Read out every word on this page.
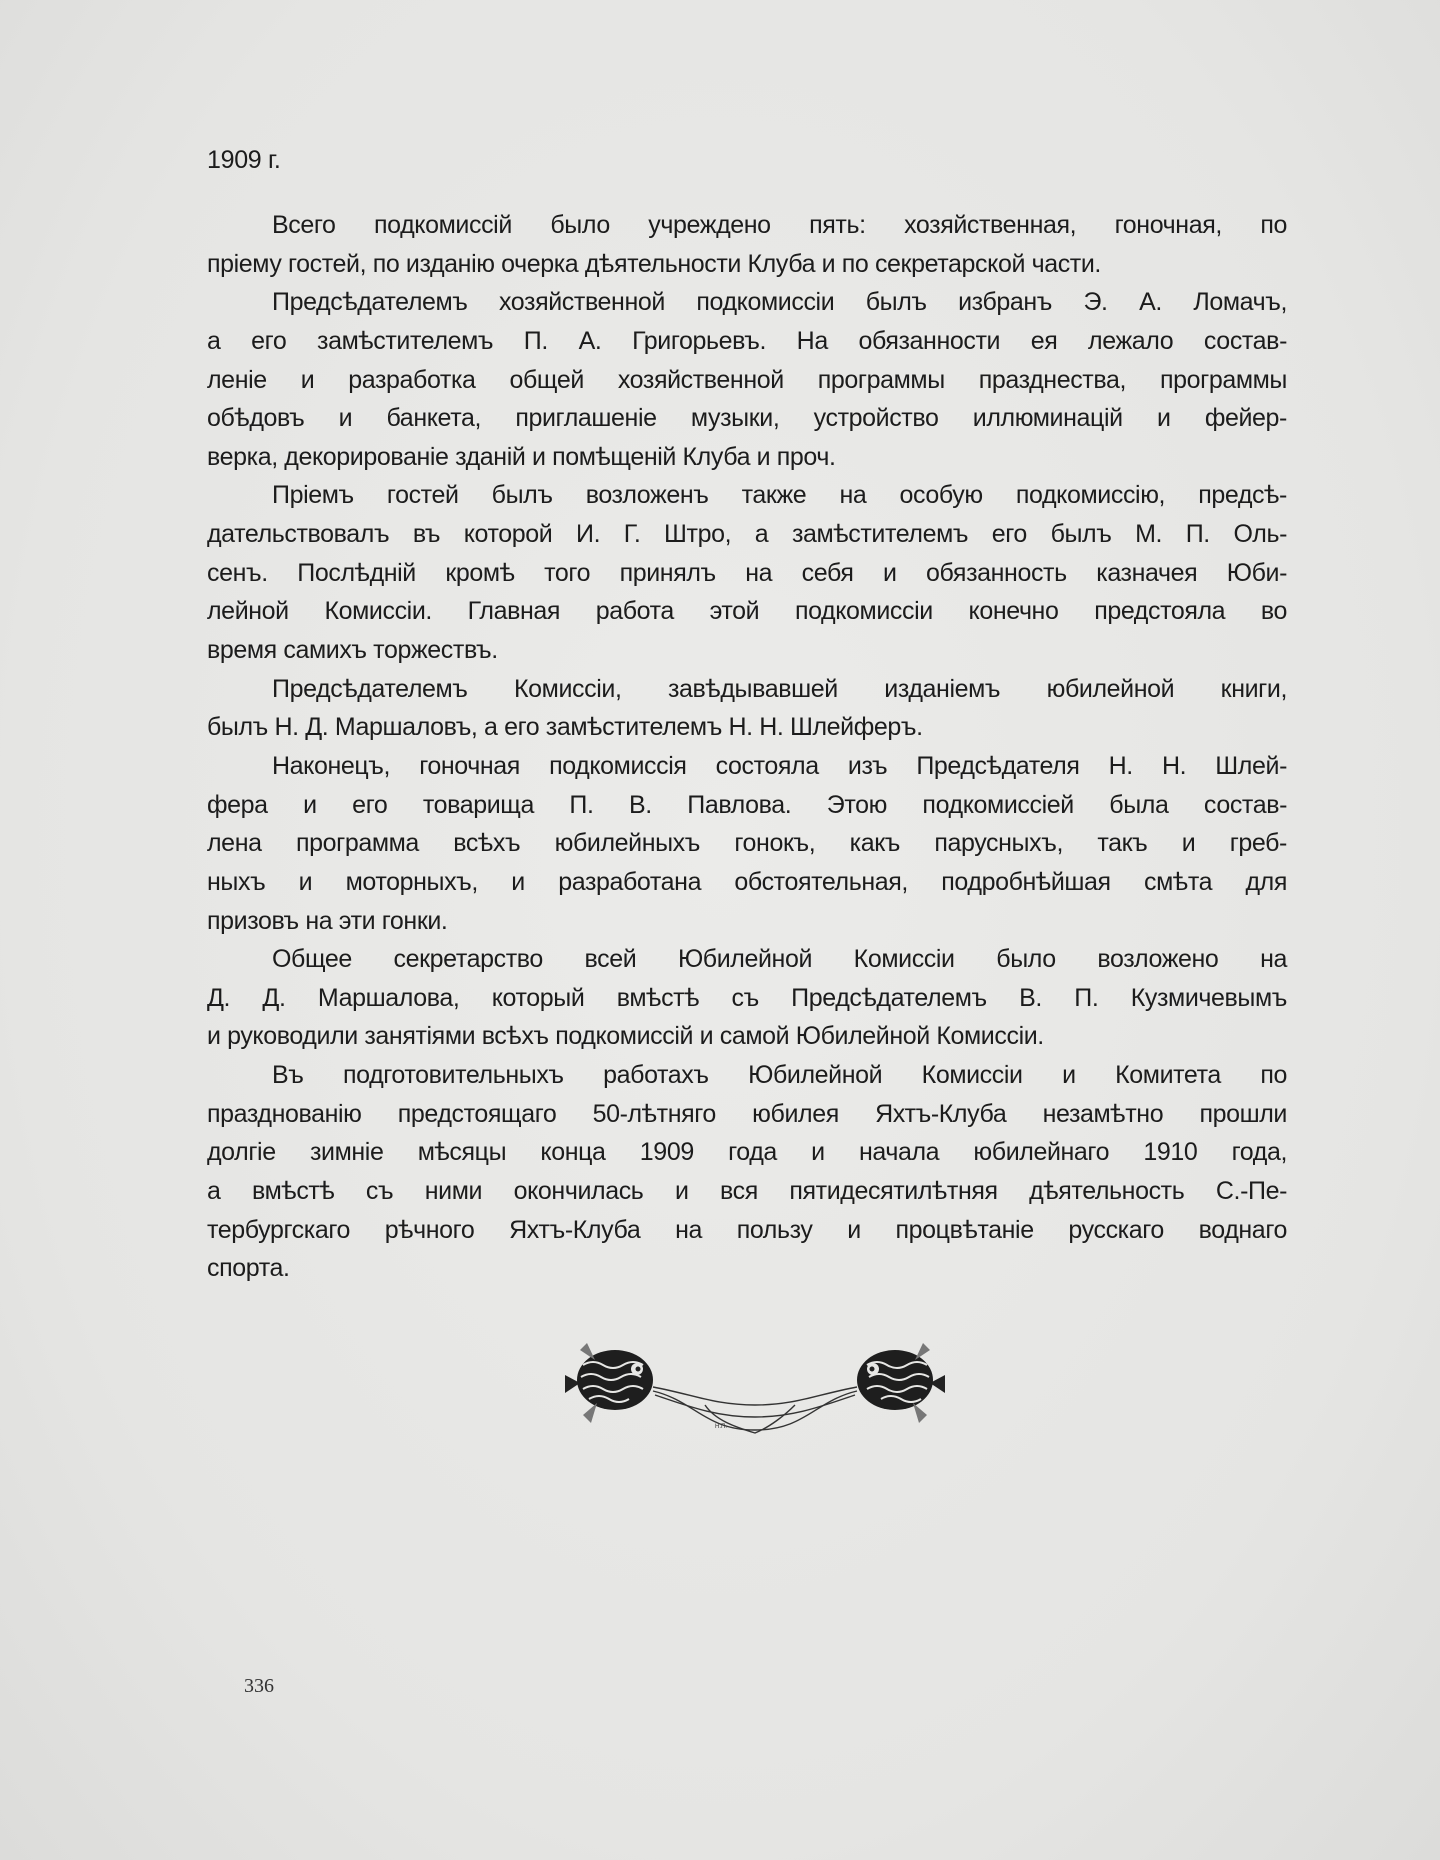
1909 г.
Всего подкомиссій было учреждено пять: хозяйственная, гоночная, по
пріему гостей, по изданію очерка дѣятельности Клуба и по секретарской части.
Предсѣдателемъ хозяйственной подкомиссіи былъ избранъ Э. А. Ломачъ,
а его замѣстителемъ П. А. Григорьевъ. На обязанности ея лежало состав-
леніе и разработка общей хозяйственной программы празднества, программы
обѣдовъ и банкета, приглашеніе музыки, устройство иллюминацій и фейер-
верка, декорированіе зданій и помѣщеній Клуба и проч.
Пріемъ гостей былъ возложенъ также на особую подкомиссію, предсѣ-
дательствовалъ въ которой И. Г. Штро, а замѣстителемъ его былъ М. П. Оль-
сенъ. Послѣдній кромѣ того принялъ на себя и обязанность казначея Юби-
лейной Комиссіи. Главная работа этой подкомиссіи конечно предстояла во
время самихъ торжествъ.
Предсѣдателемъ Комиссіи, завѣдывавшей изданіемъ юбилейной книги,
былъ Н. Д. Маршаловъ, а его замѣстителемъ Н. Н. Шлейферъ.
Наконецъ, гоночная подкомиссія состояла изъ Предсѣдателя Н. Н. Шлей-
фера и его товарища П. В. Павлова. Этою подкомиссіей была состав-
лена программа всѣхъ юбилейныхъ гонокъ, какъ парусныхъ, такъ и греб-
ныхъ и моторныхъ, и разработана обстоятельная, подробнѣйшая смѣта для
призовъ на эти гонки.
Общее секретарство всей Юбилейной Комиссіи было возложено на
Д. Д. Маршалова, который вмѣстѣ съ Предсѣдателемъ В. П. Кузмичевымъ
и руководили занятіями всѣхъ подкомиссій и самой Юбилейной Комиссіи.
Въ подготовительныхъ работахъ Юбилейной Комиссіи и Комитета по
празднованію предстоящаго 50-лѣтняго юбилея Яхтъ-Клуба незамѣтно прошли
долгіе зимніе мѣсяцы конца 1909 года и начала юбилейнаго 1910 года,
а вмѣстѣ съ ними окончилась и вся пятидесятилѣтняя дѣятельность С.-Пе-
тербургскаго рѣчного Яхтъ-Клуба на пользу и процвѣтаніе русскаго воднаго
спорта.
Н.П.
336
